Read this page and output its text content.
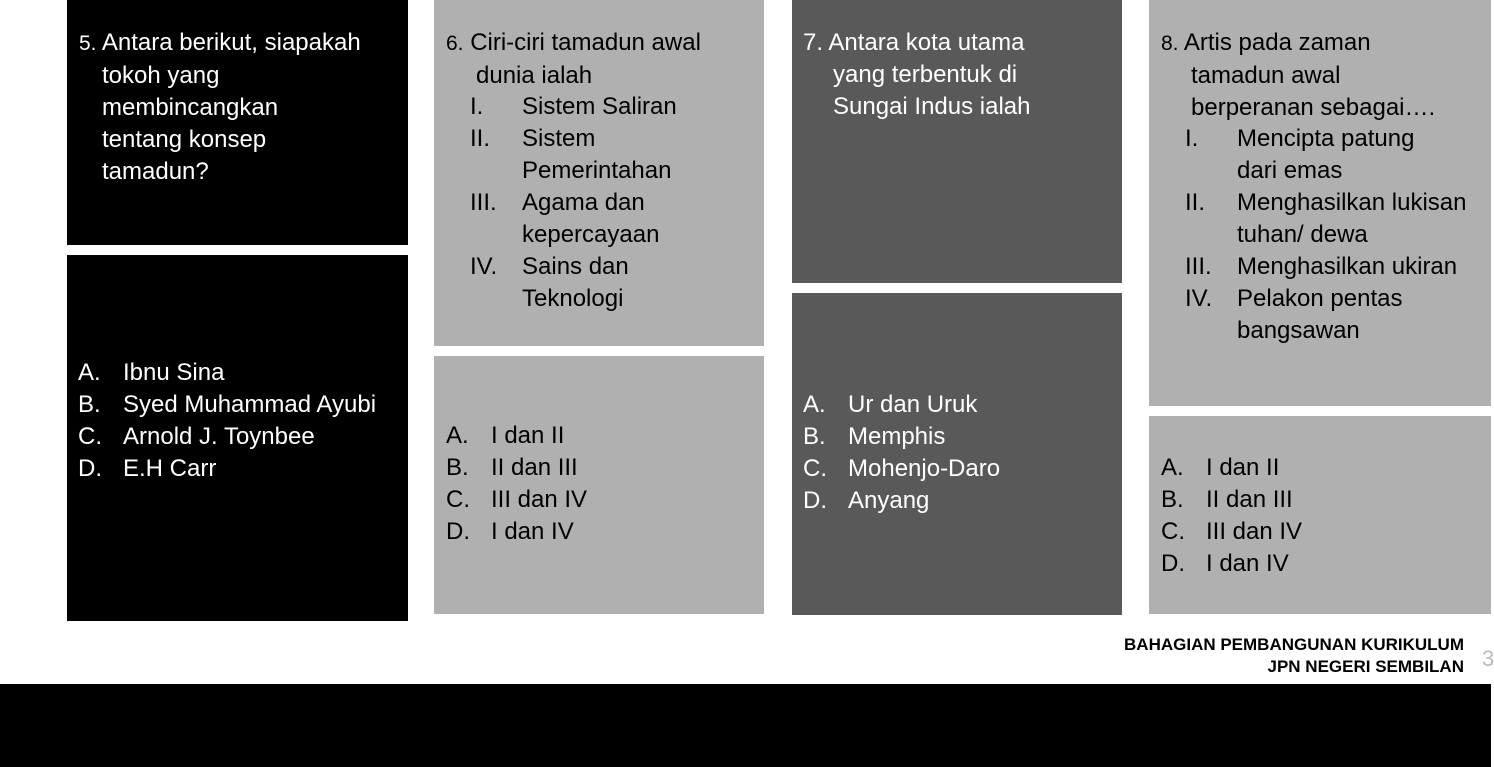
5. Antara berikut, siapakah
tokoh yang
membincangkan
tentang konsep
tamadun?
A. Ibnu Sina
B. Syed Muhammad Ayubi
C. Arnold J. Toynbee
D. E.H Carr
6. Ciri-ciri tamadun awal
dunia ialah
I.	Sistem Saliran
II.	Sistem Pemerintahan
III.	Agama dan kepercayaan
IV.	Sains dan Teknologi
A. I dan II
B. II dan III
C. III dan IV
D. I dan IV
7. Antara kota utama
yang terbentuk di
Sungai Indus ialah
A. Ur dan Uruk
B. Memphis
C. Mohenjo-Daro
D. Anyang
8. Artis pada zaman
tamadun awal
berperanan sebagai….
I.	Mencipta patung dari emas
II.	Menghasilkan lukisan tuhan/ dewa
III.	Menghasilkan ukiran
IV.	Pelakon pentas bangsawan
A. I dan II
B. II dan III
C. III dan IV
D. I dan IV
BAHAGIAN PEMBANGUNAN KURIKULUM
JPN NEGERI SEMBILAN 3
